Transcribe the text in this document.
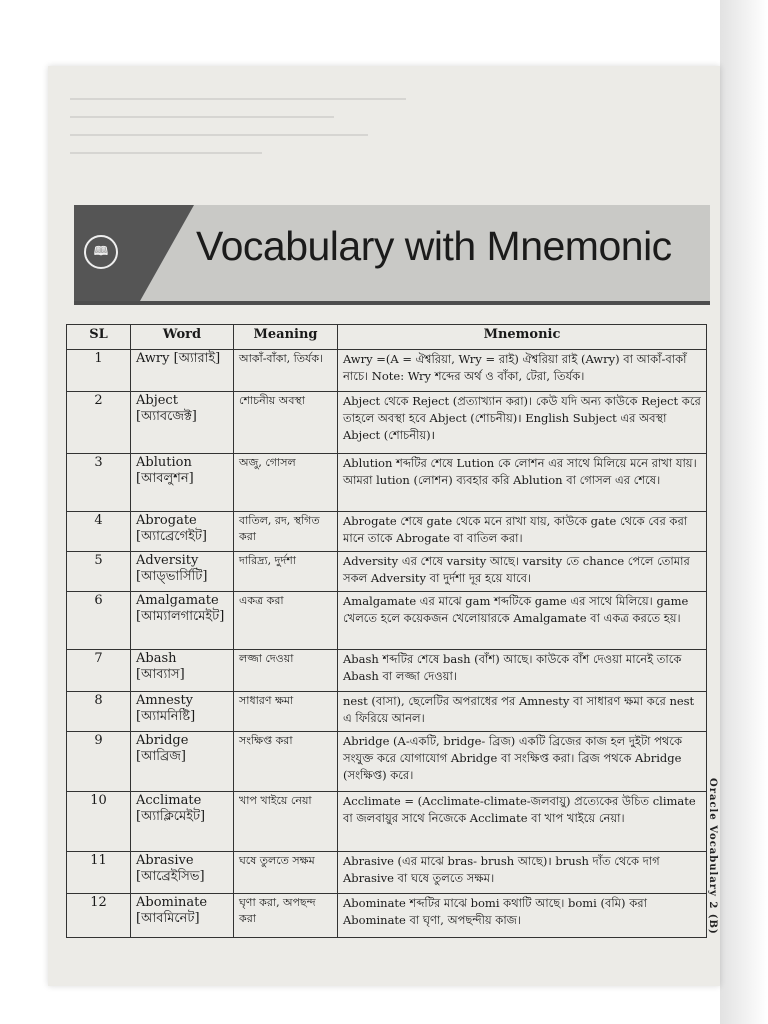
🕮 Vocabulary with Mnemonic
SL	Word	Meaning	Mnemonic
1	Awry [অ্যারাই]	আকাঁ-বাঁকা, তির্যক।	Awry =(A = ঐশ্বরিয়া, Wry = রাই) ঐশ্বরিয়া রাই (Awry) বা আকাঁ-বাকাঁ নাচে। Note: Wry শব্দের অর্থ ও বাঁকা, টেরা, তির্যক।
2	Abject [অ্যাবজেক্ট]	শোচনীয় অবস্থা	Abject থেকে Reject (প্রত্যাখ্যান করা)। কেউ যদি অন্য কাউকে Reject করে তাহলে অবস্থা হবে Abject (শোচনীয়)। English Subject এর অবস্থা Abject (শোচনীয়)।
3	Ablution [আবলুশন]	অজু, গোসল	Ablution শব্দটির শেষে Lution কে লোশন এর সাথে মিলিয়ে মনে রাখা যায়। আমরা lution (লোশন) ব্যবহার করি Ablution বা গোসল এর শেষে।
4	Abrogate [অ্যাব্রেগেইট]	বাতিল, রদ, স্থগিত করা	Abrogate শেষে gate থেকে মনে রাখা যায়, কাউকে gate থেকে বের করা মানে তাকে Abrogate বা বাতিল করা।
5	Adversity [আড্ভার্সিটি]	দারিদ্র্য, দুর্দশা	Adversity এর শেষে varsity আছে। varsity তে chance পেলে তোমার সকল Adversity বা দুর্দশা দূর হয়ে যাবে।
6	Amalgamate [আম্যালগামেইট]	একত্র করা	Amalgamate এর মাঝে gam শব্দটিকে game এর সাথে মিলিয়ে। game খেলতে হলে কয়েকজন খেলোয়ারকে Amalgamate বা একত্র করতে হয়।
7	Abash [আব্যাস]	লজ্জা দেওয়া	Abash শব্দটির শেষে bash (বাঁশ) আছে। কাউকে বাঁশ দেওয়া মানেই তাকে Abash বা লজ্জা দেওয়া।
8	Amnesty [অ্যামনিষ্টি]	সাধারণ ক্ষমা	nest (বাসা), ছেলেটির অপরাধের পর Amnesty বা সাধারণ ক্ষমা করে nest এ ফিরিয়ে আনল।
9	Abridge [আব্রিজ]	সংক্ষিপ্ত করা	Abridge (A-একটি, bridge- ব্রিজ) একটি ব্রিজের কাজ হল দুইটা পথকে সংযুক্ত করে যোগাযোগ Abridge বা সংক্ষিপ্ত করা। ব্রিজ পথকে Abridge (সংক্ষিপ্ত) করে।
10	Acclimate [অ্যাক্লিমেইট]	খাপ খাইয়ে নেয়া	Acclimate = (Acclimate-climate-জলবায়ু) প্রত্যেকের উচিত climate বা জলবায়ুর সাথে নিজেকে Acclimate বা খাপ খাইয়ে নেয়া।
11	Abrasive [আব্রেইসিভ]	ঘষে তুলতে সক্ষম	Abrasive (এর মাঝে bras- brush আছে)। brush দাঁত থেকে দাগ Abrasive বা ঘষে তুলতে সক্ষম।
12	Abominate [আবমিনেট]	ঘৃণা করা, অপছন্দ করা	Abominate শব্দটির মাঝে bomi কথাটি আছে। bomi (বমি) করা Abominate বা ঘৃণা, অপছন্দীয় কাজ।	Oracle Vocabulary 2 (B)
